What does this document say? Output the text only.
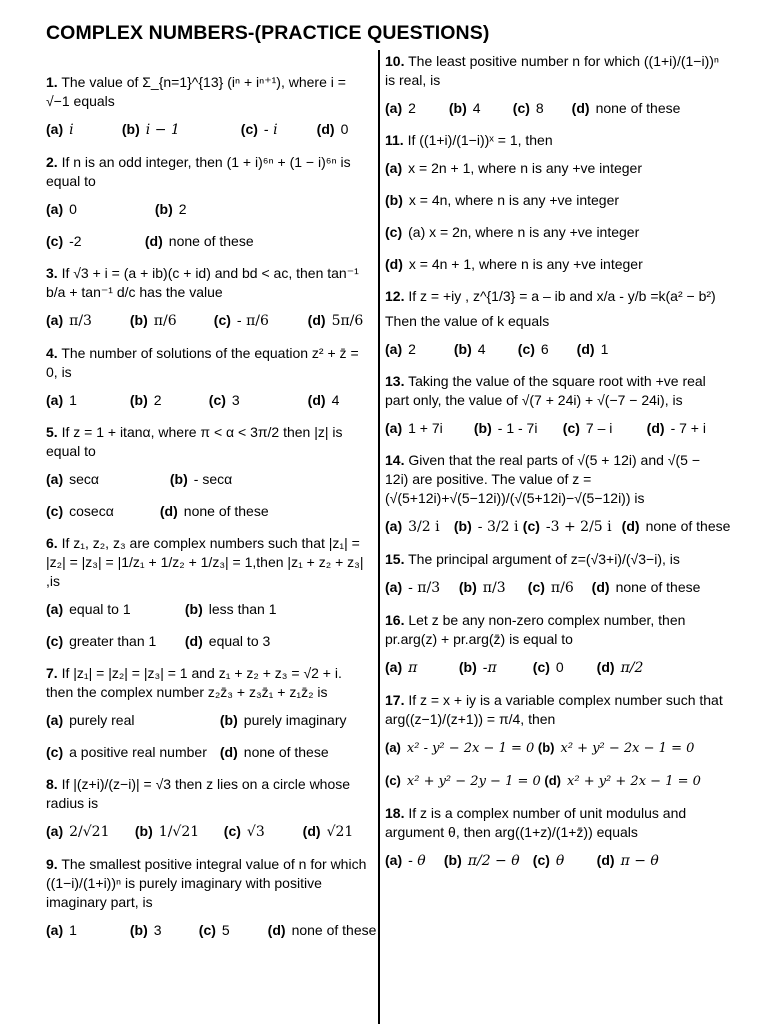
COMPLEX NUMBERS-(PRACTICE QUESTIONS)
1. The value of Σ_{n=1}^{13} (iⁿ + iⁿ⁺¹), where i = √−1 equals
(a) i	(b) i − 1	(c) - i	(d) 0
2. If n is an odd integer, then (1 + i)⁶ⁿ + (1 − i)⁶ⁿ is equal to
(a) 0	(b) 2
(c) -2	(d) none of these
3. If √3 + i = (a + ib)(c + id) and bd < ac, then tan⁻¹ b/a + tan⁻¹ d/c has the value
(a) π/3	(b) π/6	(c) - π/6	(d) 5π/6
4. The number of solutions of the equation z² + z̄ = 0, is
(a) 1	(b) 2	(c) 3	(d) 4
5. If z = 1 + itanα, where π < α < 3π/2 then |z| is equal to
(a) secα	(b) - secα
(c) cosecα	(d) none of these
6. If z₁, z₂, z₃ are complex numbers such that |z₁| = |z₂| = |z₃| = |1/z₁ + 1/z₂ + 1/z₃| = 1,then |z₁ + z₂ + z₃| ,is
(a) equal to 1	(b) less than 1
(c) greater than 1 (d) equal to 3
7. If |z₁| = |z₂| = |z₃| = 1 and z₁ + z₂ + z₃ = √2 + i. then the complex number z₂z̄₃ + z₃z̄₁ + z₁z̄₂ is
(a) purely real	(b) purely imaginary
(c) a positive real number (d) none of these
8. If |(z+i)/(z−i)| = √3 then z lies on a circle whose radius is
(a) 2/√21 (b) 1/√21 (c) √3	(d) √21
9. The smallest positive integral value of n for which ((1−i)/(1+i))ⁿ is purely imaginary with positive imaginary part, is
(a) 1	(b) 3	(c) 5	(d) none of these
10. The least positive number n for which ((1+i)/(1−i))ⁿ is real, is
(a) 2 (b) 4 (c) 8 (d) none of these
11. If ((1+i)/(1−i))ˣ = 1, then
(a) x = 2n + 1, where n is any +ve integer
(b) x = 4n, where n is any +ve integer
(c) (a) x = 2n, where n is any +ve integer
(d) x = 4n + 1, where n is any +ve integer
12. If z = +iy , z^{1/3} = a – ib and x/a - y/b =k(a² − b²)
Then the value of k equals
(a) 2	(b) 4 (c) 6 (d) 1
13. Taking the value of the square root with +ve real part only, the value of √(7 + 24i) + √(−7 − 24i), is
(a) 1 + 7i (b) - 1 - 7i (c) 7 – i (d) - 7 + i
14. Given that the real parts of √(5 + 12i) and √(5 − 12i) are positive. The value of z = (√(5+12i)+√(5−12i))/(√(5+12i)−√(5−12i)) is
(a) 3/2 i (b) - 3/2 i (c) -3 + 2/5 i (d) none of these
15. The principal argument of z=(√3+i)/(√3−i), is
(a) - π/3 (b) π/3 (c) π/6 (d) none of these
16. Let z be any non-zero complex number, then pr.arg(z) + pr.arg(z̄) is equal to
(a) π	(b) -π	(c) 0 (d) π/2
17. If z = x + iy is a variable complex number such that arg((z−1)/(z+1)) = π/4, then
(a) x² - y² − 2x − 1 = 0 (b) x² + y² − 2x − 1 = 0
(c) x² + y² − 2y − 1 = 0 (d) x² + y² + 2x − 1 = 0
18. If z is a complex number of unit modulus and argument θ, then arg((1+z)/(1+z̄)) equals
(a) - θ (b) π/2 − θ (c) θ (d) π − θ
